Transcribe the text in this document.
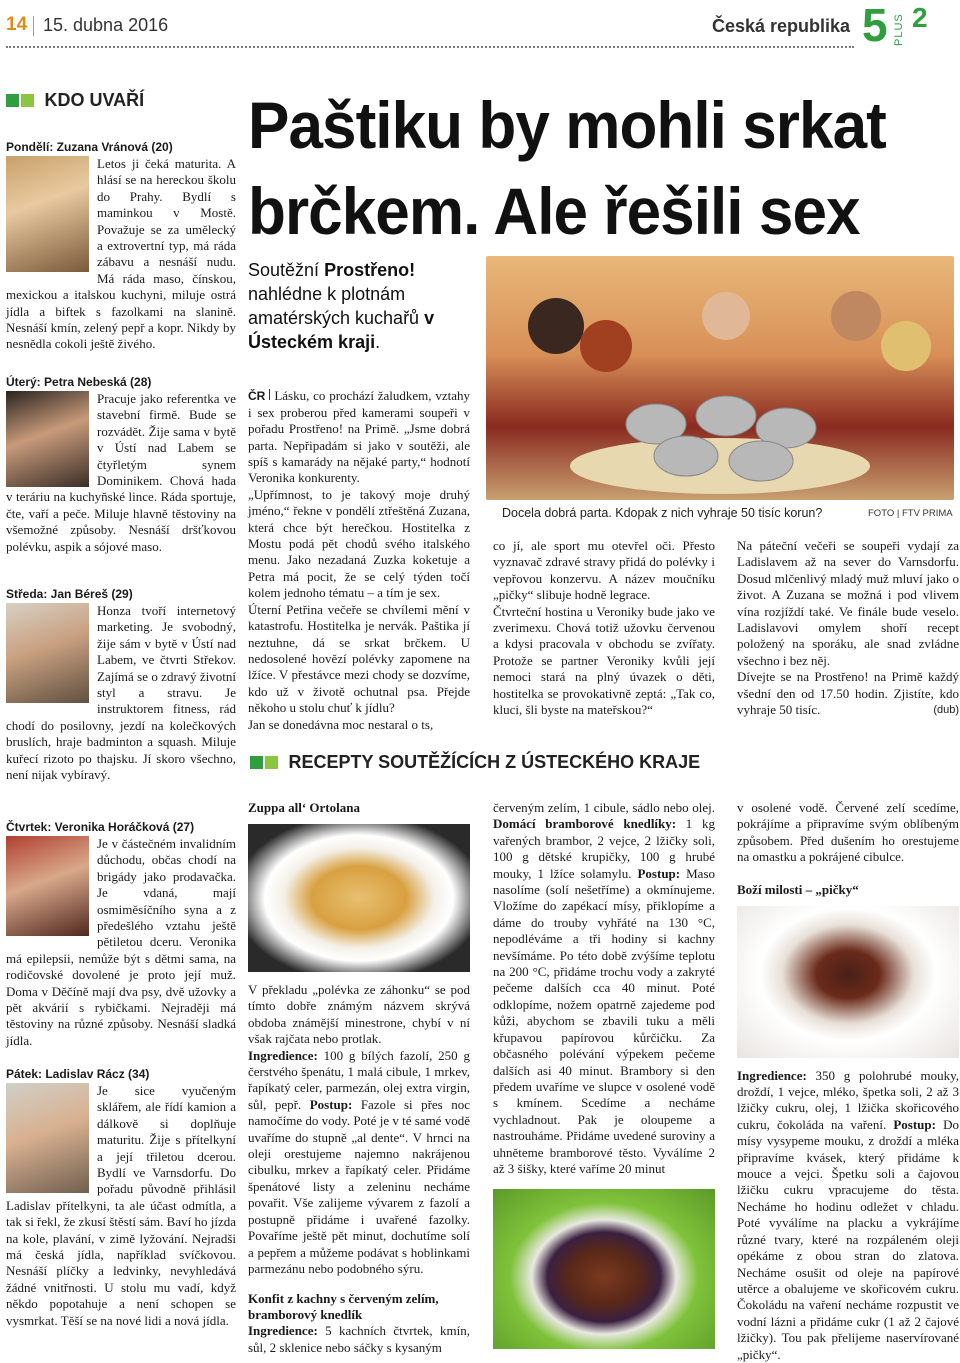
14 15. dubna 2016	Česká republika 5 PLUS 2
KDO UVAŘÍ
Pondělí: Zuzana Vránová (20)

Letos ji čeká maturita. A hlásí se na hereckou školu do Prahy. Bydlí s maminkou v Mostě. Považuje se za umělecký a extrovertní typ, má ráda zábavu a nesnáší nudu. Má ráda maso, čínskou, mexickou a italskou kuchyni, miluje ostrá jídla a biftek s fazolkami na slanině. Nesnáší kmín, zelený pepř a kopr. Nikdy by nesnědla cokoli ještě živého.

Úterý: Petra Nebeská (28)

Pracuje jako referentka ve stavební firmě. Bude se rozvádět. Žije sama v bytě v Ústí nad Labem se čtyřletým synem Dominikem. Chová hada v teráriu na kuchyňské lince. Ráda sportuje, čte, vaří a peče. Miluje hlavně těstoviny na všemožné způsoby. Nesnáší dršťkovou polévku, aspik a sójové maso.

Středa: Jan Béreš (29)

Honza tvoří internetový marketing. Je svobodný, žije sám v bytě v Ústí nad Labem, ve čtvrti Střekov. Zajímá se o zdravý životní styl a stravu. Je instruktorem fitness, rád chodí do posilovny, jezdí na kolečkových bruslích, hraje badminton a squash. Miluje kuřecí rizoto po thajsku. Jí skoro všechno, není nijak vybíravý.

Čtvrtek: Veronika Horáčková (27)

Je v částečném invalidním důchodu, občas chodí na brigády jako prodavačka. Je vdaná, mají osmiměsíčního syna a z předešlého vztahu ještě pětiletou dceru. Veronika má epilepsii, nemůže být s dětmi sama, na rodičovské dovolené je proto její muž. Doma v Děčíně mají dva psy, dvě užovky a pět akvárií s rybičkami. Nejraději má těstoviny na různé způsoby. Nesnáší sladká jídla.

Pátek: Ladislav Rácz (34)

Je sice vyučeným sklářem, ale řídí kamion a dálkově si doplňuje maturitu. Žije s přítelkyní a její třiletou dcerou. Bydlí ve Varnsdorfu. Do pořadu původně přihlásil Ladislav přítelkyni, ta ale účast odmítla, a tak si řekl, že zkusí štěstí sám. Baví ho jízda na kole, plavání, v zimě lyžování. Nejradši má česká jídla, například svíčkovou. Nesnáší plíčky a ledvinky, nevyhledává žádné vnitřnosti. U stolu mu vadí, když někdo popotahuje a není schopen se vysmrkat. Těší se na nové lidi a nová jídla.

Paštiku by mohli srkat
brčkem. Ale řešili sex
Soutěžní Prostřeno! nahlédne k plotnám amatérských kuchařů v Ústeckém kraji.
Docela dobrá parta. Kdopak z nich vyhraje 50 tisíc korun?	FOTO | FTV PRIMA

ČR Lásku, co prochází žaludkem, vztahy i sex proberou před kamerami soupeři v pořadu Prostřeno! na Primě. „Jsme dobrá parta. Nepřipadám si jako v soutěži, ale spíš s kamarády na nějaké party,“ hodnotí Veronika konkurenty.
„Upřímnost, to je takový moje druhý jméno,“ řekne v pondělí ztřeštěná Zuzana, která chce být herečkou. Hostitelka z Mostu podá pět chodů svého italského menu. Jako nezadaná Zuzka koketuje a Petra má pocit, že se celý týden točí kolem jednoho tématu – a tím je sex.
Úterní Petřina večeře se chvílemi mění v katastrofu. Hostitelka je nervák. Paštika jí neztuhne, dá se srkat brčkem. U nedosolené hovězí polévky zapomene na lžíce. V přestávce mezi chody se dozvíme, kdo už v životě ochutnal psa. Přejde někoho u stolu chuť k jídlu?
Jan se donedávna moc nestaral o ts,

co jí, ale sport mu otevřel oči. Přesto vyznavač zdravé stravy přidá do polévky i vepřovou konzervu. A název moučníku „pičky“ slibuje hodně legrace.
Čtvrteční hostina u Veroniky bude jako ve zverimexu. Chová totiž užovku červenou a kdysi pracovala v obchodu se zvířaty. Protože se partner Veroniky kvůli její nemoci stará na plný úvazek o děti, hostitelka se provokativně zeptá: „Tak co, kluci, šli byste na mateřskou?“
Na páteční večeři se soupeři vydají za Ladislavem až na sever do Varnsdorfu. Dosud mlčenlivý mladý muž mluví jako o život. A Zuzana se možná i pod vlivem vína rozjíždí také. Ve finále bude veselo. Ladislavovi omylem shoří recept položený na sporáku, ale snad zvládne všechno i bez něj.
Dívejte se na Prostřeno! na Primě každý všední den od 17.50 hodin. Zjistíte, kdo vyhraje 50 tisíc.	(dub)
RECEPTY SOUTĚŽÍCÍCH Z ÚSTECKÉHO KRAJE
Zuppa all‘ Ortolana

V překladu „polévka ze záhonku“ se pod tímto dobře známým názvem skrývá obdoba známější minestrone, chybí v ní však rajčata nebo protlak.

Ingredience: 100 g bílých fazolí, 250 g čerstvého špenátu, 1 malá cibule, 1 mrkev, řapíkatý celer, parmezán, olej extra virgin, sůl, pepř. Postup: Fazole si přes noc namočíme do vody. Poté je v té samé vodě uvaříme do stupně „al dente“. V hrnci na oleji orestujeme najemno nakrájenou cibulku, mrkev a řapíkatý celer. Přidáme špenátové listy a zeleninu necháme povařit. Vše zalijeme vývarem z fazolí a postupně přidáme i uvařené fazolky. Povaříme ještě pět minut, dochutíme solí a pepřem a můžeme podávat s hoblinkami parmezánu nebo podobného sýru.

Konfit z kachny s červeným zelím, bramborový knedlík

Ingredience: 5 kachních čtvrtek, kmín, sůl, 2 sklenice nebo sáčky s kysaným

červeným zelím, 1 cibule, sádlo nebo olej. Domácí bramborové knedlíky: 1 kg vařených brambor, 2 vejce, 2 lžičky soli, 100 g dětské krupičky, 100 g hrubé mouky, 1 lžíce solamylu. Postup: Maso nasolíme (solí nešetříme) a okmínujeme. Vložíme do zapékací mísy, přiklopíme a dáme do trouby vyhřáté na 130 °C, nepodléváme a tři hodiny si kachny nevšímáme. Po této době zvýšíme teplotu na 200 °C, přidáme trochu vody a zakryté pečeme dalších cca 40 minut. Poté odklopíme, nožem opatrně zajedeme pod kůži, abychom se zbavili tuku a měli křupavou papírovou kůrčičku. Za občasného polévání výpekem pečeme dalších asi 40 minut. Brambory si den předem uvaříme ve slupce v osolené vodě s kmínem. Scedíme a necháme vychladnout. Pak je oloupeme a nastrouháme. Přidáme uvedené suroviny a uhněteme bramborové těsto. Vyválíme 2 až 3 šišky, které vaříme 20 minut

v osolené vodě. Červené zelí scedíme, pokrájíme a připravíme svým oblíbeným způsobem. Před dušením ho orestujeme na omastku a pokrájené cibulce.

Boží milosti – „pičky“

Ingredience: 350 g polohrubé mouky, droždí, 1 vejce, mléko, špetka soli, 2 až 3 lžičky cukru, olej, 1 lžička skořicového cukru, čokoláda na vaření. Postup: Do mísy vysypeme mouku, z droždí a mléka připravíme kvásek, který přidáme k mouce a vejci. Špetku soli a čajovou lžičku cukru vpracujeme do těsta. Necháme ho hodinu odležet v chladu. Poté vyválíme na placku a vykrájíme různé tvary, které na rozpáleném oleji opékáme z obou stran do zlatova. Necháme osušit od oleje na papírové utěrce a obalujeme ve skořicovém cukru. Čokoládu na vaření necháme rozpustit ve vodní lázni a přidáme cukr (1 až 2 čajové lžičky). Tou pak přelijeme naservírované „pičky“.
